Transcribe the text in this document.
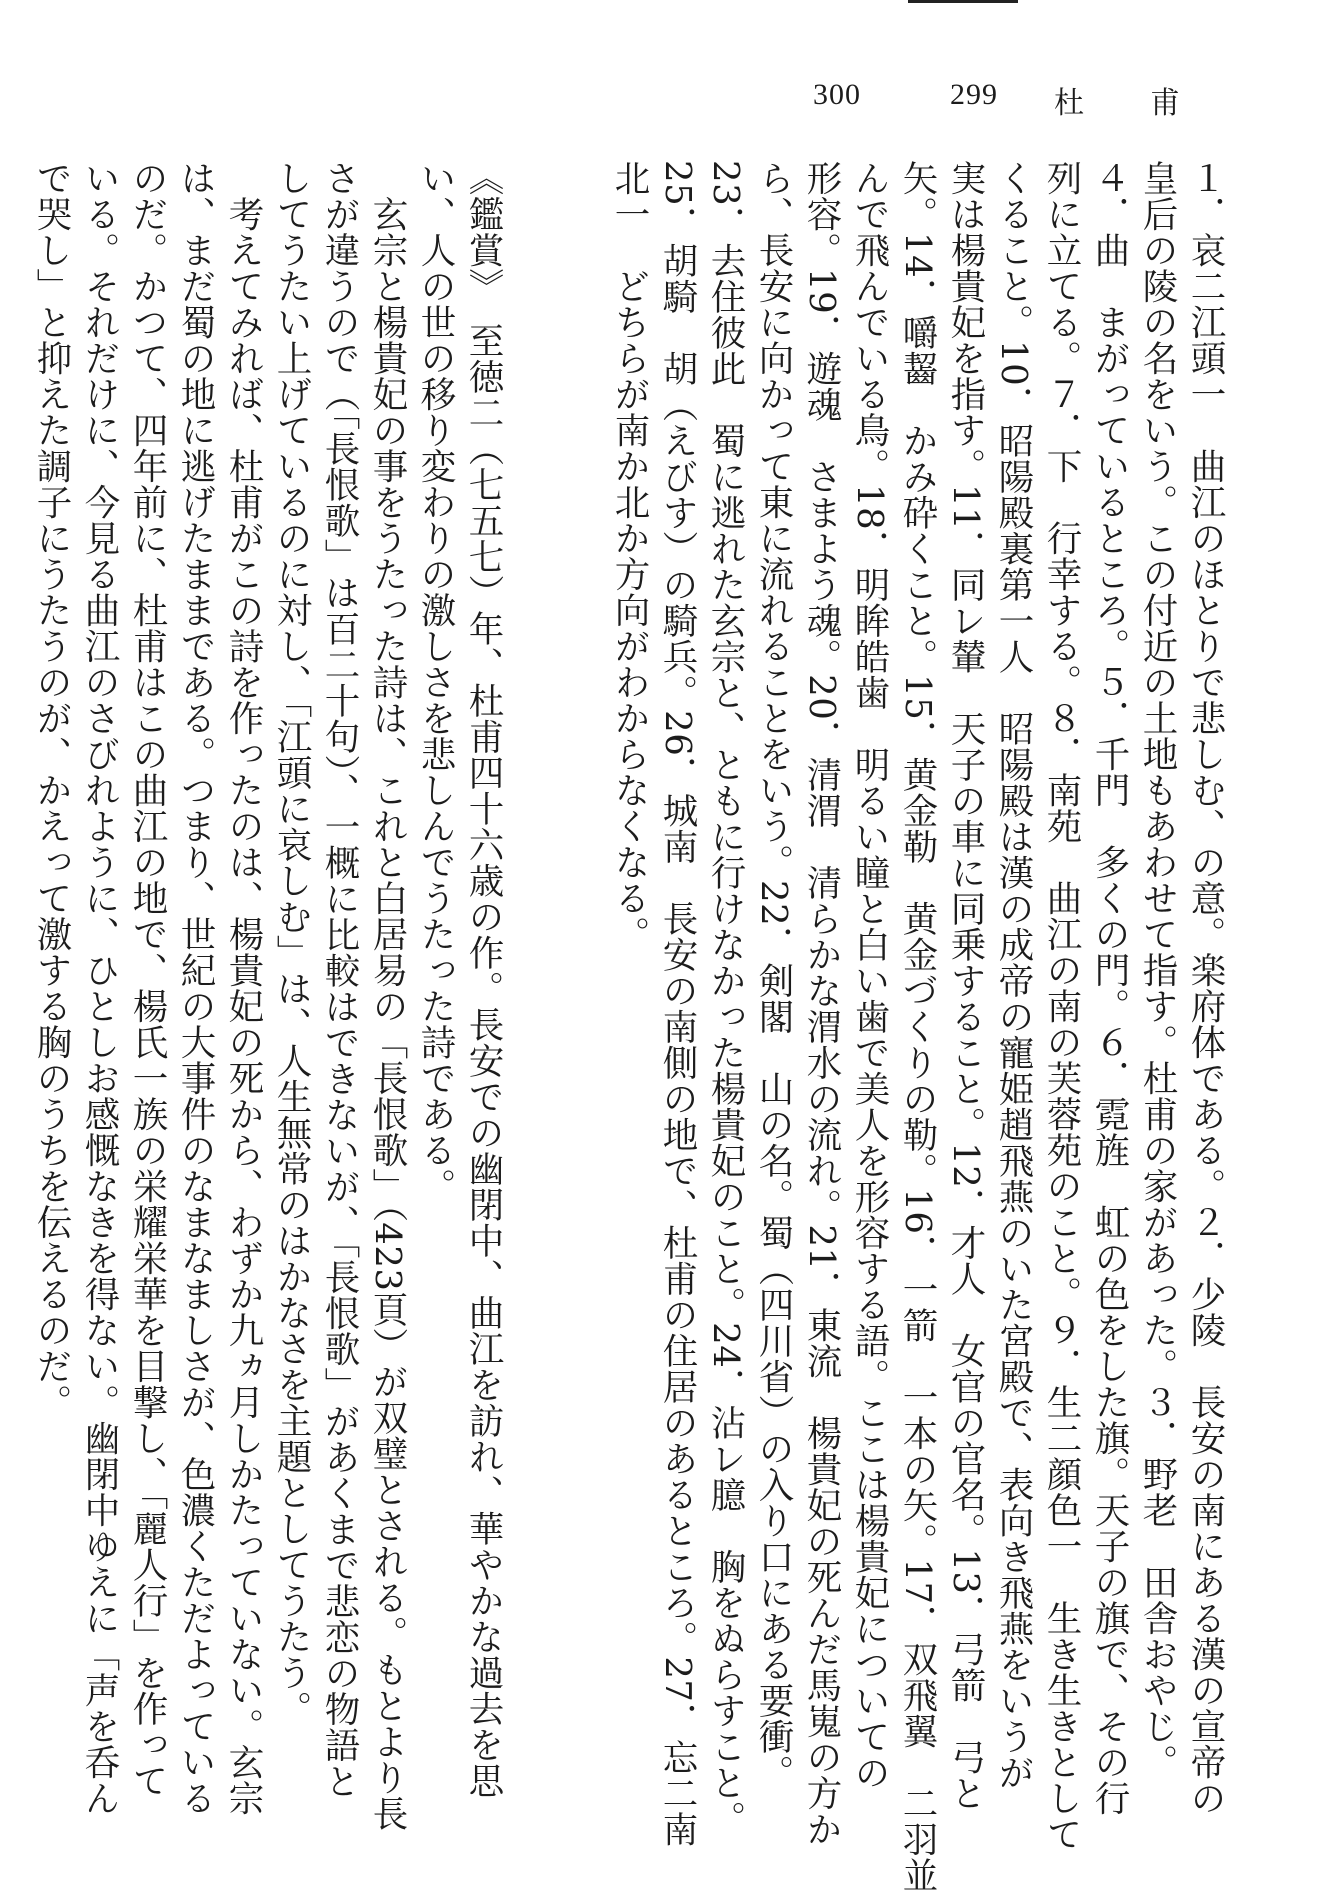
300	299 杜　甫
１．哀二江頭一　曲江のほとりで悲しむ、の意。楽府体である。２．少陵　長安の南にある漢の宣帝の
皇后の陵の名をいう。この付近の土地もあわせて指す。杜甫の家があった。３．野老　田舎おやじ。
４．曲　まがっているところ。５．千門　多くの門。６．霓旌　虹の色をした旗。天子の旗で、その行
列に立てる。７．下　行幸する。８．南苑　曲江の南の芙蓉苑のこと。９．生二顔色一　生き生きとして
くること。10．昭陽殿裏第一人　昭陽殿は漢の成帝の寵姫趙飛燕のいた宮殿で、表向き飛燕をいうが
実は楊貴妃を指す。11．同レ輦　天子の車に同乗すること。12．才人　女官の官名。13．弓箭　弓と
矢。14．嚼齧　かみ砕くこと。15．黄金勒　黄金づくりの勒。16．一箭　一本の矢。17．双飛翼　二羽並
んで飛んでいる鳥。18．明眸皓歯　明るい瞳と白い歯で美人を形容する語。ここは楊貴妃についての
形容。19．遊魂　さまよう魂。20．清渭　清らかな渭水の流れ。21．東流　楊貴妃の死んだ馬嵬の方か
ら、長安に向かって東に流れることをいう。22．剣閣　山の名。蜀（四川省）の入り口にある要衝。
23．去住彼此　蜀に逃れた玄宗と、ともに行けなかった楊貴妃のこと。24．沾レ臆　胸をぬらすこと。
25．胡騎　胡（えびす）の騎兵。26．城南　長安の南側の地で、杜甫の住居のあるところ。27．忘二南
北一　どちらが南か北か方向がわからなくなる。
《鑑賞》　至徳二（七五七）年、杜甫四十六歳の作。長安での幽閉中、曲江を訪れ、華やかな過去を思
い、人の世の移り変わりの激しさを悲しんでうたった詩である。
　玄宗と楊貴妃の事をうたった詩は、これと白居易の「長恨歌」（423頁）が双璧とされる。もとより長
さが違うので（「長恨歌」は百二十句）、一概に比較はできないが、「長恨歌」があくまで悲恋の物語と
してうたい上げているのに対し、「江頭に哀しむ」は、人生無常のはかなさを主題としてうたう。
　考えてみれば、杜甫がこの詩を作ったのは、楊貴妃の死から、わずか九ヵ月しかたっていない。玄宗
は、まだ蜀の地に逃げたままである。つまり、世紀の大事件のなまなましさが、色濃くただよっている
のだ。かつて、四年前に、杜甫はこの曲江の地で、楊氏一族の栄耀栄華を目撃し、「麗人行」を作って
いる。それだけに、今見る曲江のさびれように、ひとしお感慨なきを得ない。幽閉中ゆえに「声を呑ん
で哭し」と抑えた調子にうたうのが、かえって激する胸のうちを伝えるのだ。
